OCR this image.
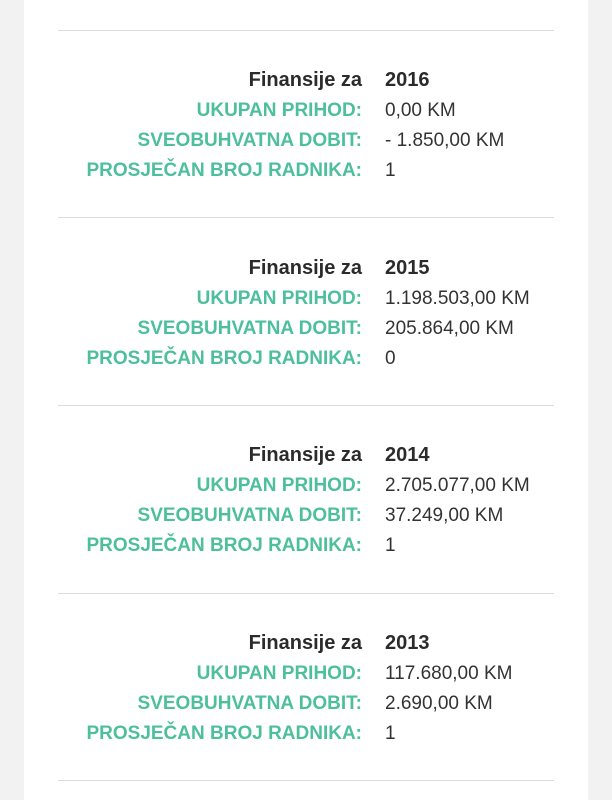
Finansije za 2016
UKUPAN PRIHOD: 0,00 KM
SVEOBUHVATNA DOBIT: - 1.850,00 KM
PROSJEČAN BROJ RADNIKA: 1
Finansije za 2015
UKUPAN PRIHOD: 1.198.503,00 KM
SVEOBUHVATNA DOBIT: 205.864,00 KM
PROSJEČAN BROJ RADNIKA: 0
Finansije za 2014
UKUPAN PRIHOD: 2.705.077,00 KM
SVEOBUHVATNA DOBIT: 37.249,00 KM
PROSJEČAN BROJ RADNIKA: 1
Finansije za 2013
UKUPAN PRIHOD: 117.680,00 KM
SVEOBUHVATNA DOBIT: 2.690,00 KM
PROSJEČAN BROJ RADNIKA: 1
